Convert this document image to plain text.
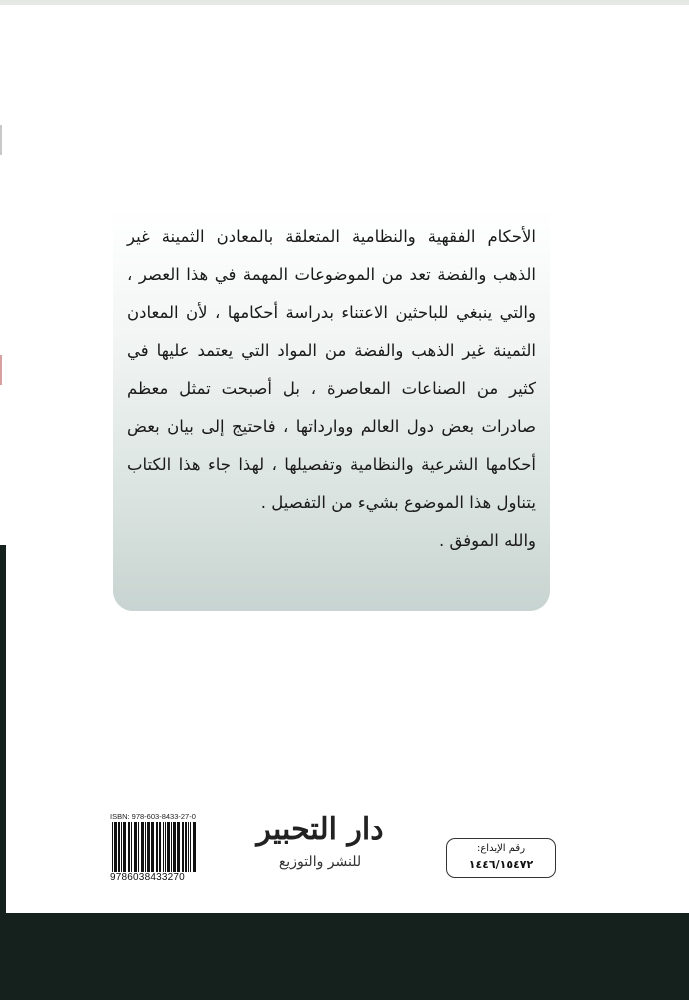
الأحكام الفقهية والنظامية المتعلقة بالمعادن الثمينة غير الذهب والفضة تعد من الموضوعات المهمة في هذا العصر ، والتي ينبغي للباحثين الاعتناء بدراسة أحكامها ، لأن المعادن الثمينة غير الذهب والفضة من المواد التي يعتمد عليها في كثير من الصناعات المعاصرة ، بل أصبحت تمثل معظم صادرات بعض دول العالم ووارداتها ، فاحتيج إلى بيان بعض أحكامها الشرعية والنظامية وتفصيلها ، لهذا جاء هذا الكتاب يتناول هذا الموضوع بشيء من التفصيل .

والله الموفق .

ISBN: 978-603-8433-27-0
9786038433270
دار التحبير
للنشر والتوزيع
رقم الإيداع:
١٤٤٦/١٥٤٧٢
